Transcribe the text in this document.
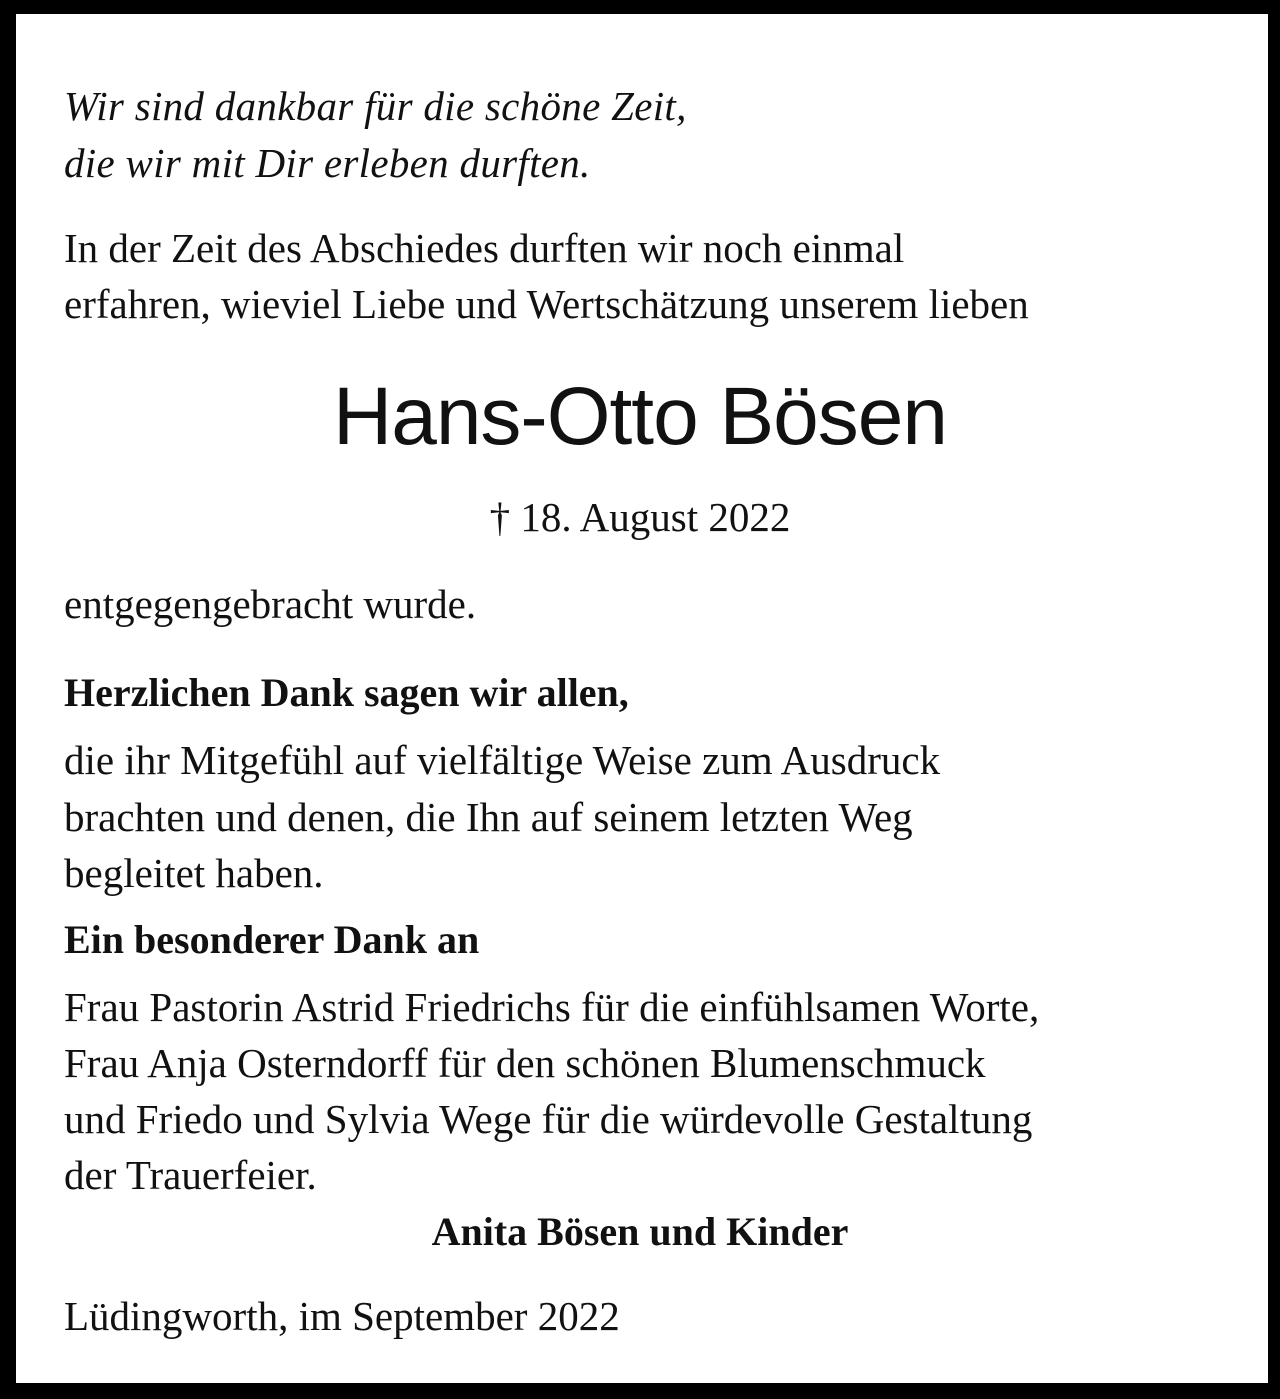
Wir sind dankbar für die schöne Zeit,
die wir mit Dir erleben durften.
In der Zeit des Abschiedes durften wir noch einmal
erfahren, wieviel Liebe und Wertschätzung unserem lieben
Hans-Otto Bösen
† 18. August 2022
entgegengebracht wurde.
Herzlichen Dank sagen wir allen,
die ihr Mitgefühl auf vielfältige Weise zum Ausdruck
brachten und denen, die Ihn auf seinem letzten Weg
begleitet haben.
Ein besonderer Dank an
Frau Pastorin Astrid Friedrichs für die einfühlsamen Worte,
Frau Anja Osterndorff für den schönen Blumenschmuck
und Friedo und Sylvia Wege für die würdevolle Gestaltung
der Trauerfeier.
Anita Bösen und Kinder
Lüdingworth, im September 2022
